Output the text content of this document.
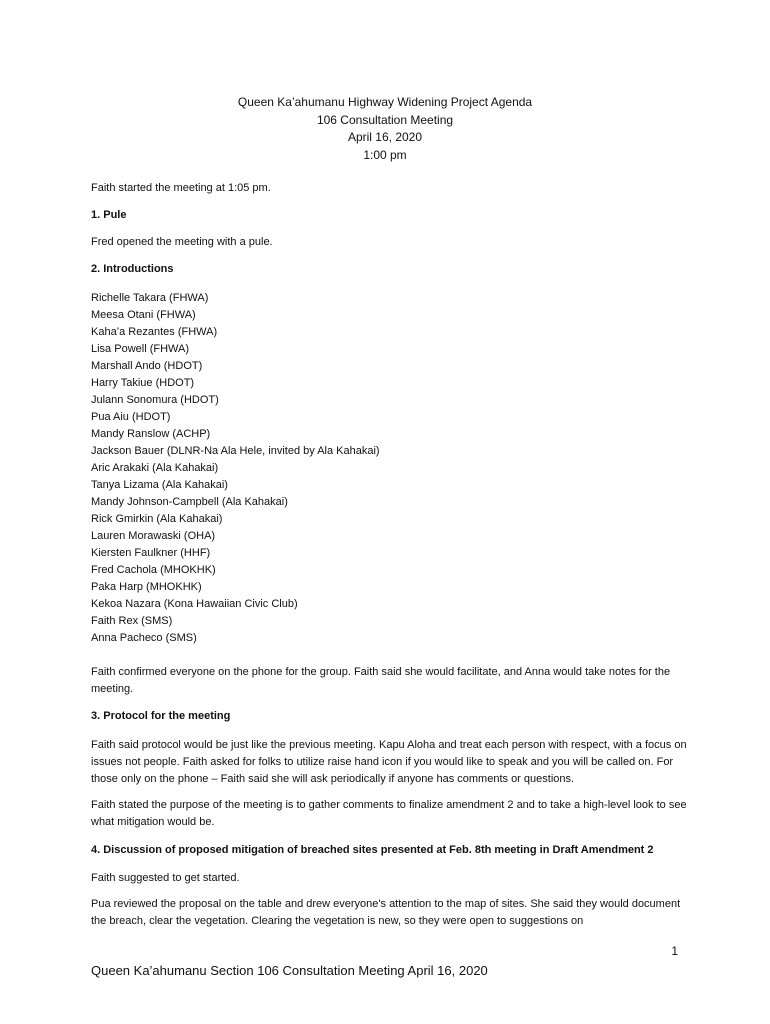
Queen Ka’ahumanu Highway Widening Project Agenda
106 Consultation Meeting
April 16, 2020
1:00 pm
Faith started the meeting at 1:05 pm.
1. Pule
Fred opened the meeting with a pule.
2. Introductions
Richelle Takara (FHWA)
Meesa Otani (FHWA)
Kaha’a Rezantes (FHWA)
Lisa Powell (FHWA)
Marshall Ando (HDOT)
Harry Takiue (HDOT)
Julann Sonomura (HDOT)
Pua Aiu (HDOT)
Mandy Ranslow (ACHP)
Jackson Bauer (DLNR-Na Ala Hele, invited by Ala Kahakai)
Aric Arakaki (Ala Kahakai)
Tanya Lizama (Ala Kahakai)
Mandy Johnson-Campbell (Ala Kahakai)
Rick Gmirkin (Ala Kahakai)
Lauren Morawaski (OHA)
Kiersten Faulkner (HHF)
Fred Cachola (MHOKHK)
Paka Harp (MHOKHK)
Kekoa Nazara (Kona Hawaiian Civic Club)
Faith Rex (SMS)
Anna Pacheco (SMS)
Faith confirmed everyone on the phone for the group. Faith said she would facilitate, and Anna would take notes for the meeting.
3. Protocol for the meeting
Faith said protocol would be just like the previous meeting. Kapu Aloha and treat each person with respect, with a focus on issues not people. Faith asked for folks to utilize raise hand icon if you would like to speak and you will be called on. For those only on the phone – Faith said she will ask periodically if anyone has comments or questions.
Faith stated the purpose of the meeting is to gather comments to finalize amendment 2 and to take a high-level look to see what mitigation would be.
4. Discussion of proposed mitigation of breached sites presented at Feb. 8th meeting in Draft Amendment 2
Faith suggested to get started.
Pua reviewed the proposal on the table and drew everyone's attention to the map of sites. She said they would document the breach, clear the vegetation. Clearing the vegetation is new, so they were open to suggestions on
1
Queen Ka’ahumanu Section 106 Consultation Meeting April 16, 2020
